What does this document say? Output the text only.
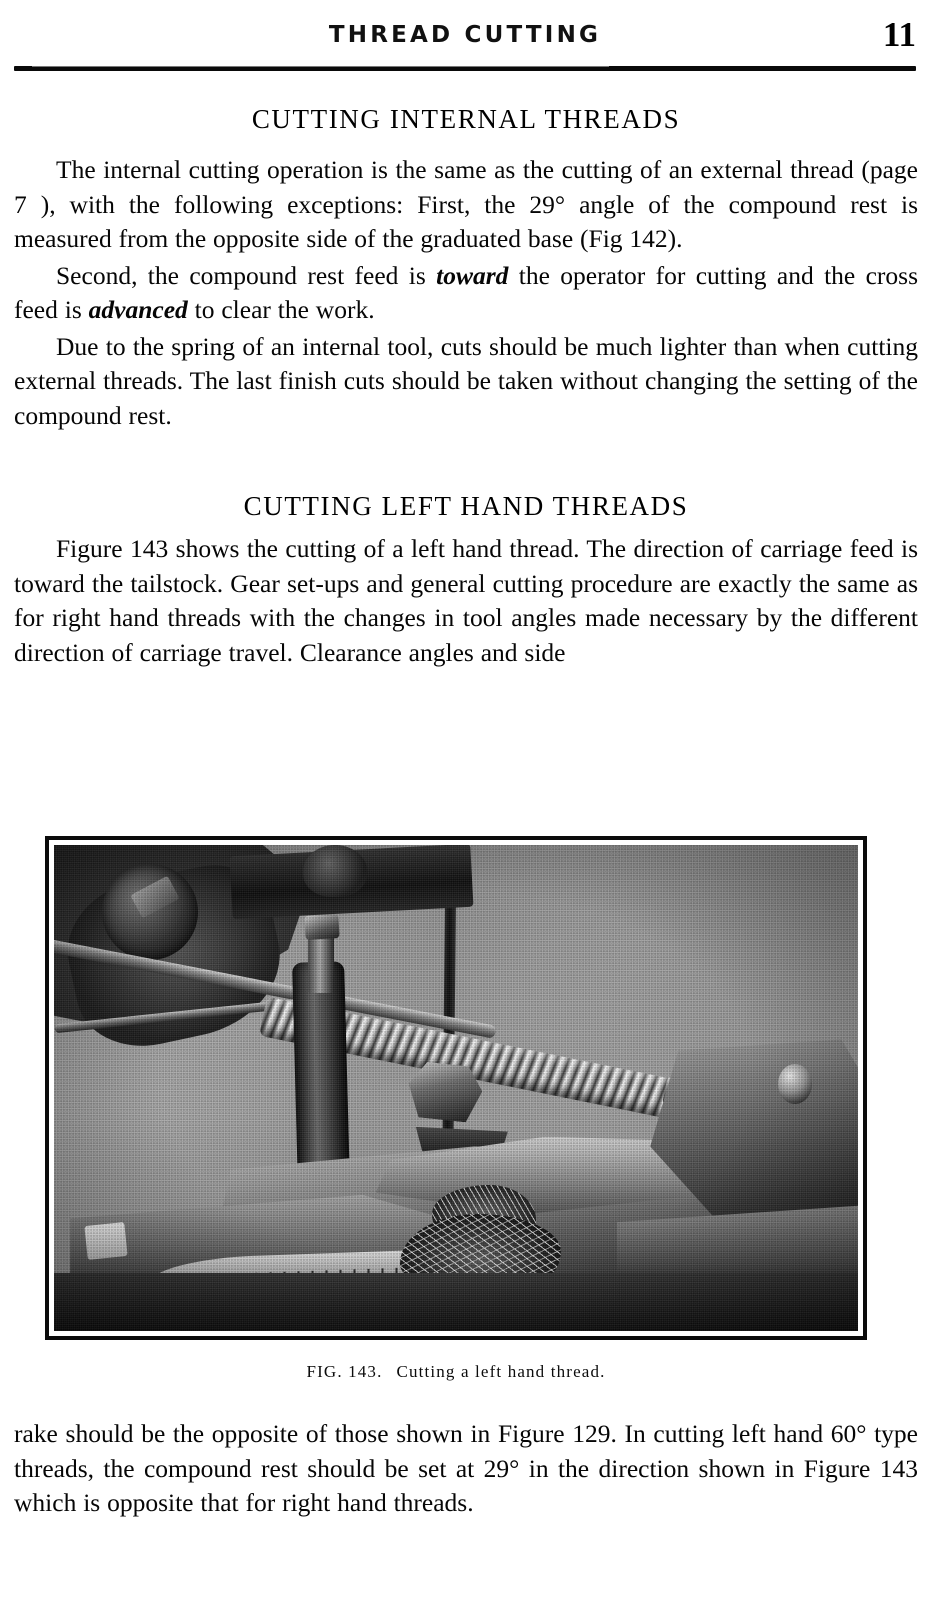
THREAD CUTTING	11
CUTTING INTERNAL THREADS

The internal cutting operation is the same as the cutting of an external thread (page 7 ), with the following exceptions: First, the 29° angle of the compound rest is measured from the opposite side of the graduated base (Fig 142).

Second, the compound rest feed is toward the operator for cutting and the cross feed is advanced to clear the work.

Due to the spring of an internal tool, cuts should be much lighter than when cutting external threads. The last finish cuts should be taken without changing the setting of the compound rest.

CUTTING LEFT HAND THREADS

Figure 143 shows the cutting of a left hand thread. The direction of carriage feed is toward the tailstock. Gear set-ups and general cutting procedure are exactly the same as for right hand threads with the changes in tool angles made necessary by the different direction of carriage travel. Clearance angles and side

FIG. 143. Cutting a left hand thread.

rake should be the opposite of those shown in Figure 129. In cutting left hand 60° type threads, the compound rest should be set at 29° in the direction shown in Figure 143 which is opposite that for right hand threads.
